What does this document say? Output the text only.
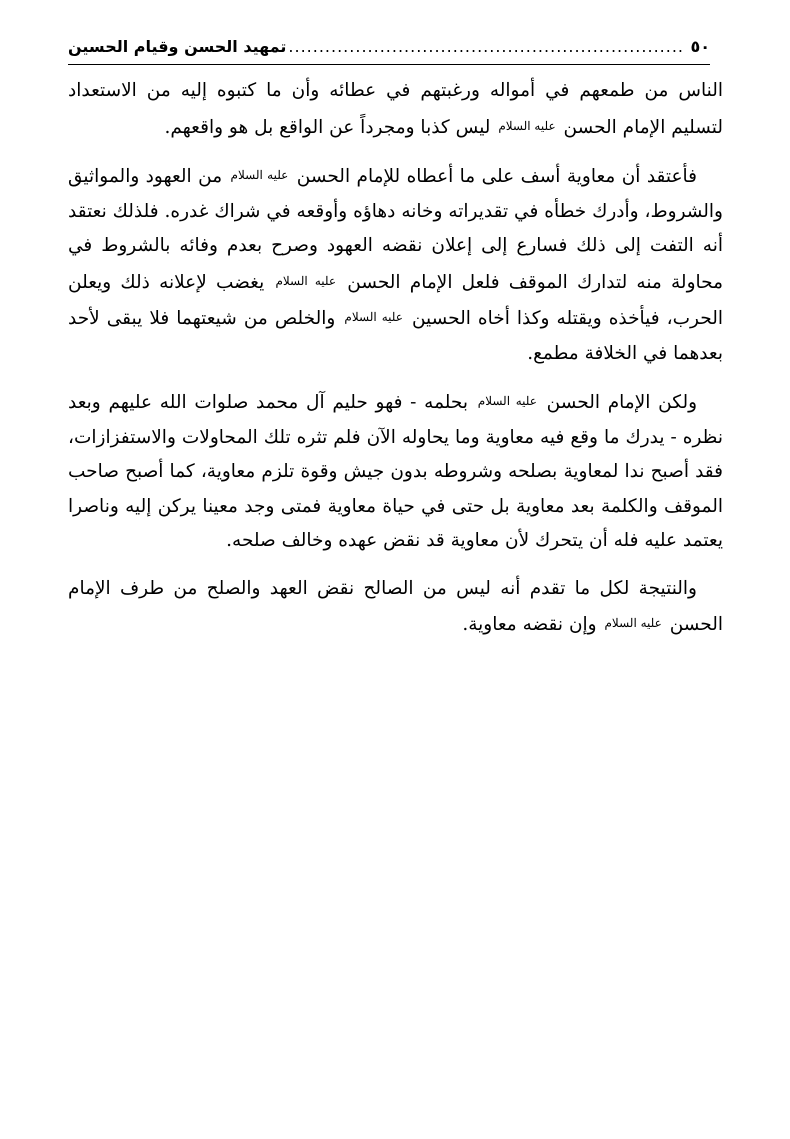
٥٠
.....
تمهيد الحسن وقيام الحسين

الناس من طمعهم في أمواله ورغبتهم في عطائه وأن ما كتبوه إليه من الاستعداد لتسليم الإمام الحسن عليه السلام ليس كذبا ومجرداً عن الواقع بل هو واقعهم.

فأعتقد أن معاوية أسف على ما أعطاه للإمام الحسن عليه السلام من العهود والمواثيق والشروط، وأدرك خطأه في تقديراته وخانه دهاؤه وأوقعه في شراك غدره. فلذلك نعتقد أنه التفت إلى ذلك فسارع إلى إعلان نقضه العهود وصرح بعدم وفائه بالشروط في محاولة منه لتدارك الموقف فلعل الإمام الحسن عليه السلام يغضب لإعلانه ذلك ويعلن الحرب، فيأخذه ويقتله وكذا أخاه الحسين عليه السلام والخلص من شيعتهما فلا يبقى لأحد بعدهما في الخلافة مطمع.

ولكن الإمام الحسن عليه السلام بحلمه - فهو حليم آل محمد صلوات الله عليهم وبعد نظره - يدرك ما وقع فيه معاوية وما يحاوله الآن فلم تثره تلك المحاولات والاستفزازات، فقد أصبح ندا لمعاوية بصلحه وشروطه بدون جيش وقوة تلزم معاوية، كما أصبح صاحب الموقف والكلمة بعد معاوية بل حتى في حياة معاوية فمتى وجد معينا يركن إليه وناصرا يعتمد عليه فله أن يتحرك لأن معاوية قد نقض عهده وخالف صلحه.

والنتيجة لكل ما تقدم أنه ليس من الصالح نقض العهد والصلح من طرف الإمام الحسن عليه السلام وإن نقضه معاوية.
